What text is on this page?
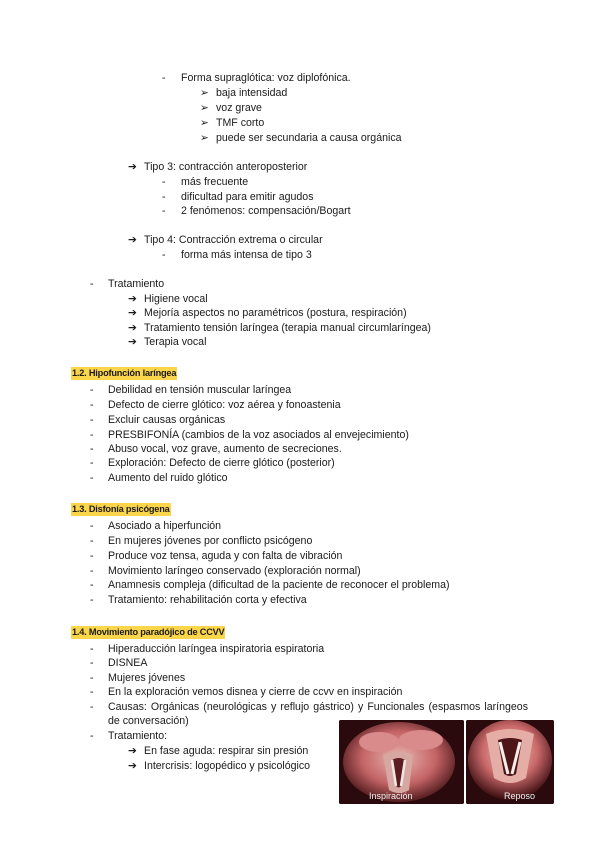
- Forma supraglótica: voz diplofónica.
➢ baja intensidad
➢ voz grave
➢ TMF corto
➢ puede ser secundaria a causa orgánica
➔ Tipo 3: contracción anteroposterior
- más frecuente
- dificultad para emitir agudos
- 2 fenómenos: compensación/Bogart
➔ Tipo 4: Contracción extrema o circular
- forma más intensa de tipo 3
- Tratamiento
➔ Higiene vocal
➔ Mejoría aspectos no paramétricos (postura, respiración)
➔ Tratamiento tensión laríngea (terapia manual circumlaríngea)
➔ Terapia vocal
1.2. Hipofunción laríngea
- Debilidad en tensión muscular laríngea
- Defecto de cierre glótico: voz aérea y fonoastenia
- Excluir causas orgánicas
- PRESBIFONÍA (cambios de la voz asociados al envejecimiento)
- Abuso vocal, voz grave, aumento de secreciones.
- Exploración: Defecto de cierre glótico (posterior)
- Aumento del ruido glótico
1.3. Disfonía psicógena
- Asociado a hiperfunción
- En mujeres jóvenes por conflicto psicógeno
- Produce voz tensa, aguda y con falta de vibración
- Movimiento laríngeo conservado (exploración normal)
- Anamnesis compleja (dificultad de la paciente de reconocer el problema)
- Tratamiento: rehabilitación corta y efectiva
1.4. Movimiento paradójico de CCVV
- Hiperaducción laríngea inspiratoria espiratoria
- DISNEA
- Mujeres jóvenes
- En la exploración vemos disnea y cierre de ccvv en inspiración
- Causas: Orgánicas (neurológicas y reflujo gástrico) y Funcionales (espasmos laríngeos de conversación)
- Tratamiento:
➔ En fase aguda: respirar sin presión
➔ Intercrisis: logopédico y psicológico
Inspiración	Reposo
